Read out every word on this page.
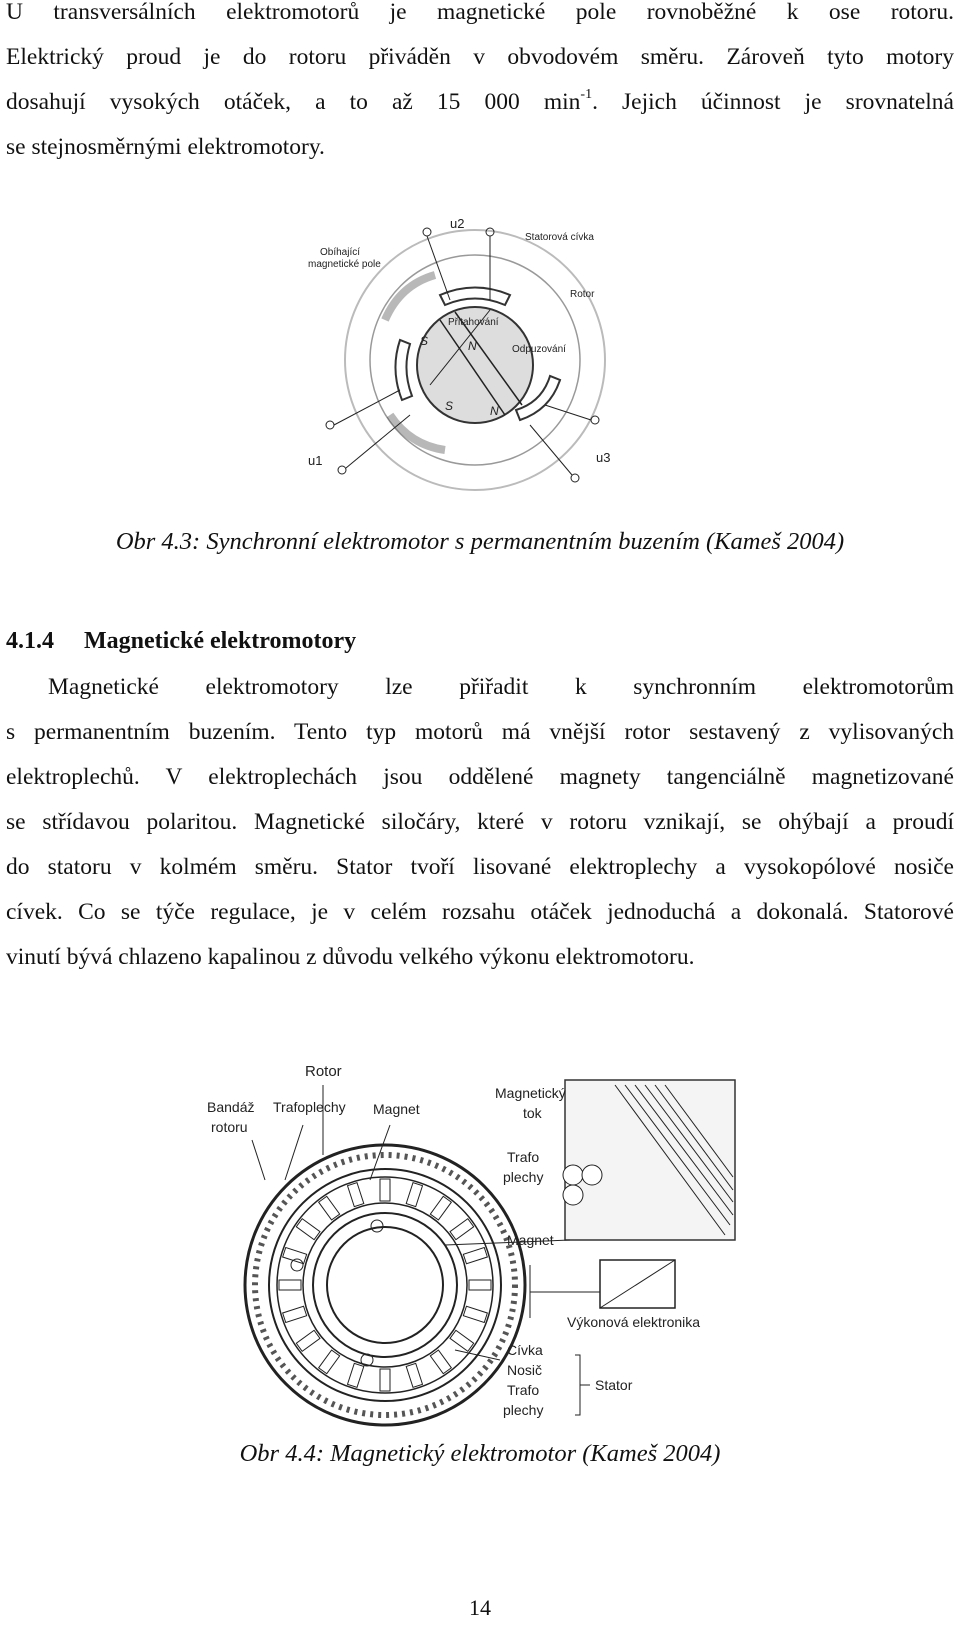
U transversálních elektromotorů je magnetické pole rovnoběžné k ose rotoru.
Elektrický proud je do rotoru přiváděn v obvodovém směru. Zároveň tyto motory
dosahují vysokých otáček, a to až 15 000 $\min^{-1}$. Jejich účinnost je srovnatelná
se stejnosměrnými elektromotory.
u2
u1	u3
Obíhající
magnetické pole
Statorová cívka
Rotor
Přitahování
Odpuzování
S	N
S	N
Obr 4.3: Synchronní elektromotor s permanentním buzením (Kameš 2004)
4.1.4 Magnetické elektromotory
Magnetické elektromotory lze přiřadit k synchronním elektromotorům
s permanentním buzením. Tento typ motorů má vnější rotor sestavený z vylisovaných
elektroplechů. V elektroplechách jsou oddělené magnety tangenciálně magnetizované
se střídavou polaritou. Magnetické siločáry, které v rotoru vznikají, se ohýbají a proudí
do statoru v kolmém směru. Stator tvoří lisované elektroplechy a vysokopólové nosiče
cívek. Co se týče regulace, je v celém rozsahu otáček jednoduchá a dokonalá. Statorové
vinutí bývá chlazeno kapalinou z důvodu velkého výkonu elektromotoru.
Rotor
Bandáž
rotoru
Trafoplechy Magnet
Magnetický
tok
Trafo
plechy
Magnet
Výkonová elektronika
Cívka
Nosič
Trafo
plechy
Stator
Obr 4.4: Magnetický elektromotor (Kameš 2004)
14
